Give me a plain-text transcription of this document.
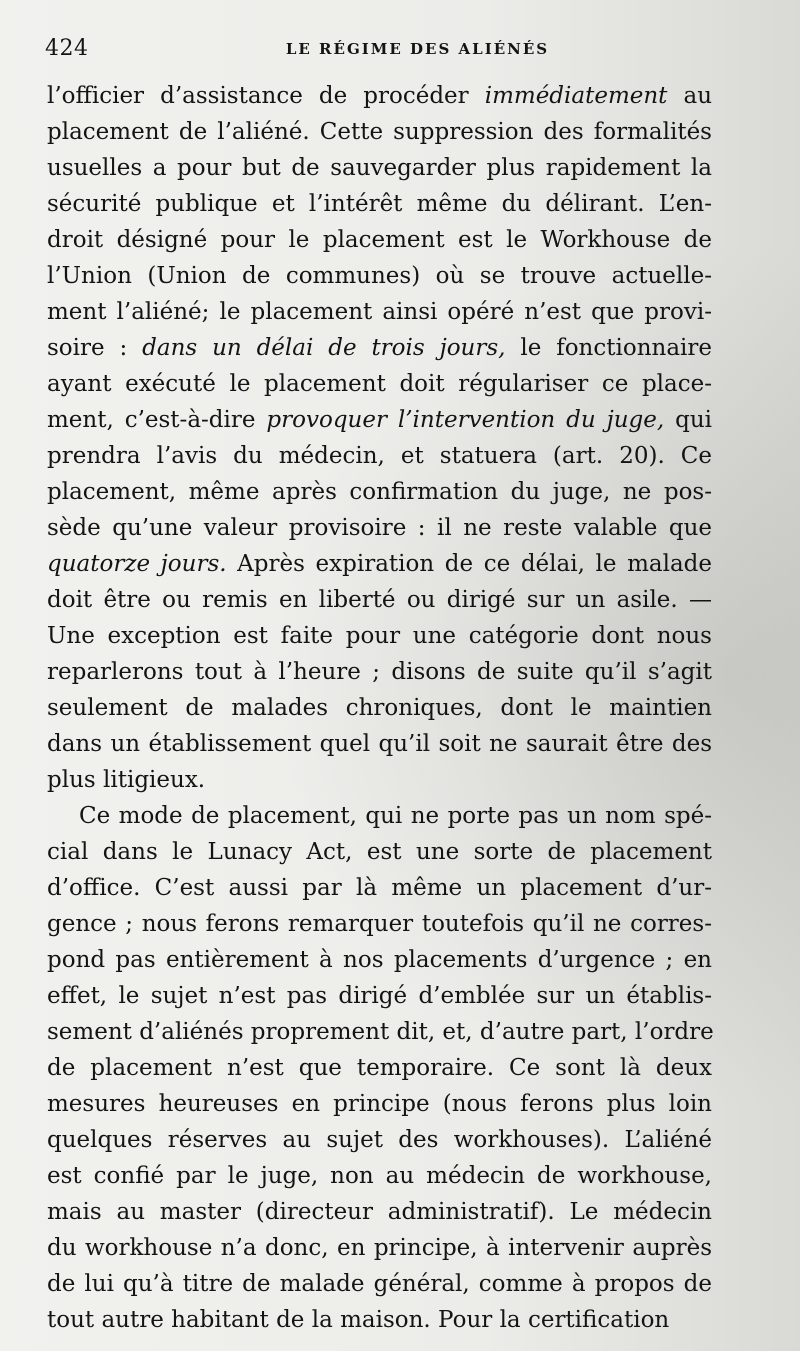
424	LE RÉGIME DES ALIÉNÉS

l’officier d’assistance de procéder immédiatement au
placement de l’aliéné. Cette suppression des formalités
usuelles a pour but de sauvegarder plus rapidement la
sécurité publique et l’intérêt même du délirant. L’en-
droit désigné pour le placement est le Workhouse de
l’Union (Union de communes) où se trouve actuelle-
ment l’aliéné; le placement ainsi opéré n’est que provi-
soire : dans un délai de trois jours, le fonctionnaire
ayant exécuté le placement doit régulariser ce place-
ment, c’est-à-dire provoquer l’intervention du juge, qui
prendra l’avis du médecin, et statuera (art. 20). Ce
placement, même après confirmation du juge, ne pos-
sède qu’une valeur provisoire : il ne reste valable que
quatorze jours. Après expiration de ce délai, le malade
doit être ou remis en liberté ou dirigé sur un asile. —
Une exception est faite pour une catégorie dont nous
reparlerons tout à l’heure ; disons de suite qu’il s’agit
seulement de malades chroniques, dont le maintien
dans un établissement quel qu’il soit ne saurait être des
plus litigieux.

Ce mode de placement, qui ne porte pas un nom spé-
cial dans le Lunacy Act, est une sorte de placement
d’office. C’est aussi par là même un placement d’ur-
gence ; nous ferons remarquer toutefois qu’il ne corres-
pond pas entièrement à nos placements d’urgence ; en
effet, le sujet n’est pas dirigé d’emblée sur un établis-
sement d’aliénés proprement dit, et, d’autre part, l’ordre
de placement n’est que temporaire. Ce sont là deux
mesures heureuses en principe (nous ferons plus loin
quelques réserves au sujet des workhouses). L’aliéné
est confié par le juge, non au médecin de workhouse,
mais au master (directeur administratif). Le médecin
du workhouse n’a donc, en principe, à intervenir auprès
de lui qu’à titre de malade général, comme à propos de
tout autre habitant de la maison. Pour la certification
